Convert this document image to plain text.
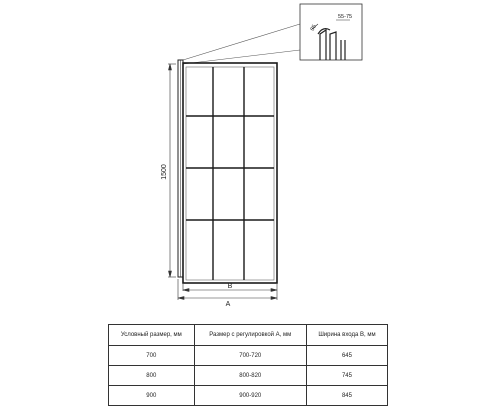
35
55-75
1500
B
A
Условный размер, мм	Размер с регулировкой А, мм	Ширина входа В, мм
700	700-720	645
800	800-820	745
900	900-920	845
